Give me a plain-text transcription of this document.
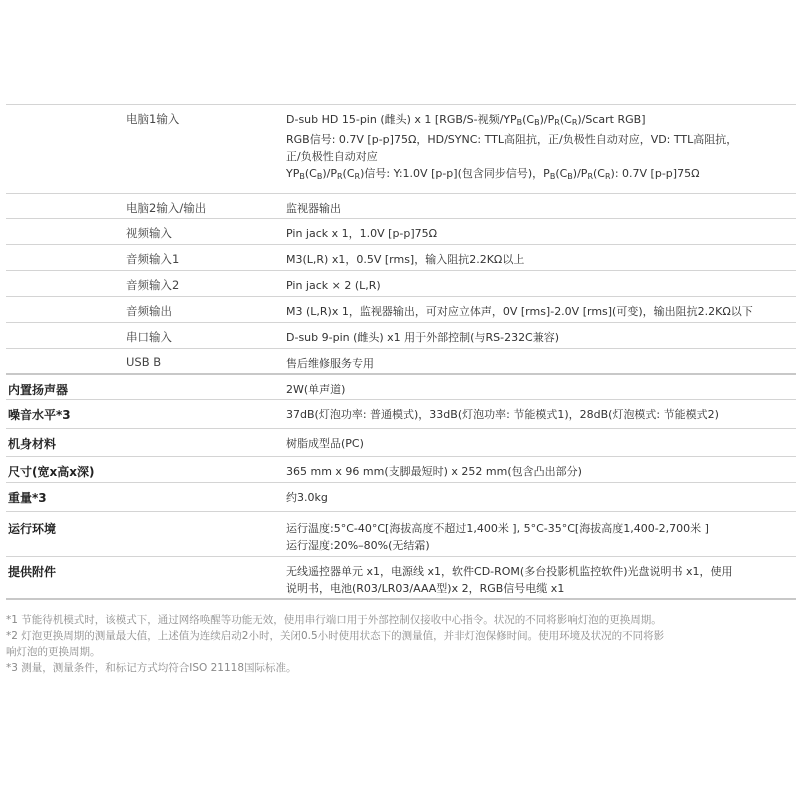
电脑1输入	D-sub HD 15-pin (雌头) x 1 [RGB/S-视频$/YP_B(C_B)/P_R(C_R)$/Scart RGB]
RGB信号: 0.7V [p-p]75Ω，HD/SYNC: TTL高阻抗，正/负极性自动对应，VD: TTL高阻抗，
正/负极性自动对应
$YP_B(C_B)/P_R(C_R)$信号: Y:1.0V [p-p](包含同步信号)，$P_B(C_B)/P_R(C_R)$: 0.7V [p-p]75Ω
电脑2输入/输出	监视器输出
视频输入	Pin jack x 1，1.0V [p-p]75Ω
音频输入1	M3(L,R) x1，0.5V [rms]，输入阻抗2.2KΩ以上
音频输入2	Pin jack × 2 (L,R)
音频输出	M3 (L,R)x 1，监视器输出，可对应立体声，0V [rms]-2.0V [rms](可变)，输出阻抗2.2KΩ以下
串口输入	D-sub 9-pin (雌头) x1 用于外部控制(与RS-232C兼容)
USB B	售后维修服务专用
内置扬声器	2W(单声道)
噪音水平*3	37dB(灯泡功率: 普通模式)，33dB(灯泡功率: 节能模式1)，28dB(灯泡模式: 节能模式2)
机身材料	树脂成型品(PC)
尺寸(宽x高x深)	365 mm x 96 mm(支脚最短时) x 252 mm(包含凸出部分)
重量*3	约3.0kg
运行环境	运行温度:5°C-40°C[海拔高度不超过1,400米 ], 5°C-35°C[海拔高度1,400-2,700米 ]
运行湿度:20%–80%(无结霜)
提供附件	无线遥控器单元 x1，电源线 x1，软件CD-ROM(多台投影机监控软件)光盘说明书 x1，使用
说明书，电池(R03/LR03/AAA型)x 2，RGB信号电缆 x1
*1 节能待机模式时，该模式下，通过网络唤醒等功能无效，使用串行端口用于外部控制仅接收中心指令。状况的不同将影响灯泡的更换周期。
*2 灯泡更换周期的测量最大值，上述值为连续启动2小时，关闭0.5小时使用状态下的测量值，并非灯泡保修时间。使用环境及状况的不同将影
响灯泡的更换周期。
*3 测量，测量条件，和标记方式均符合ISO 21118国际标准。
